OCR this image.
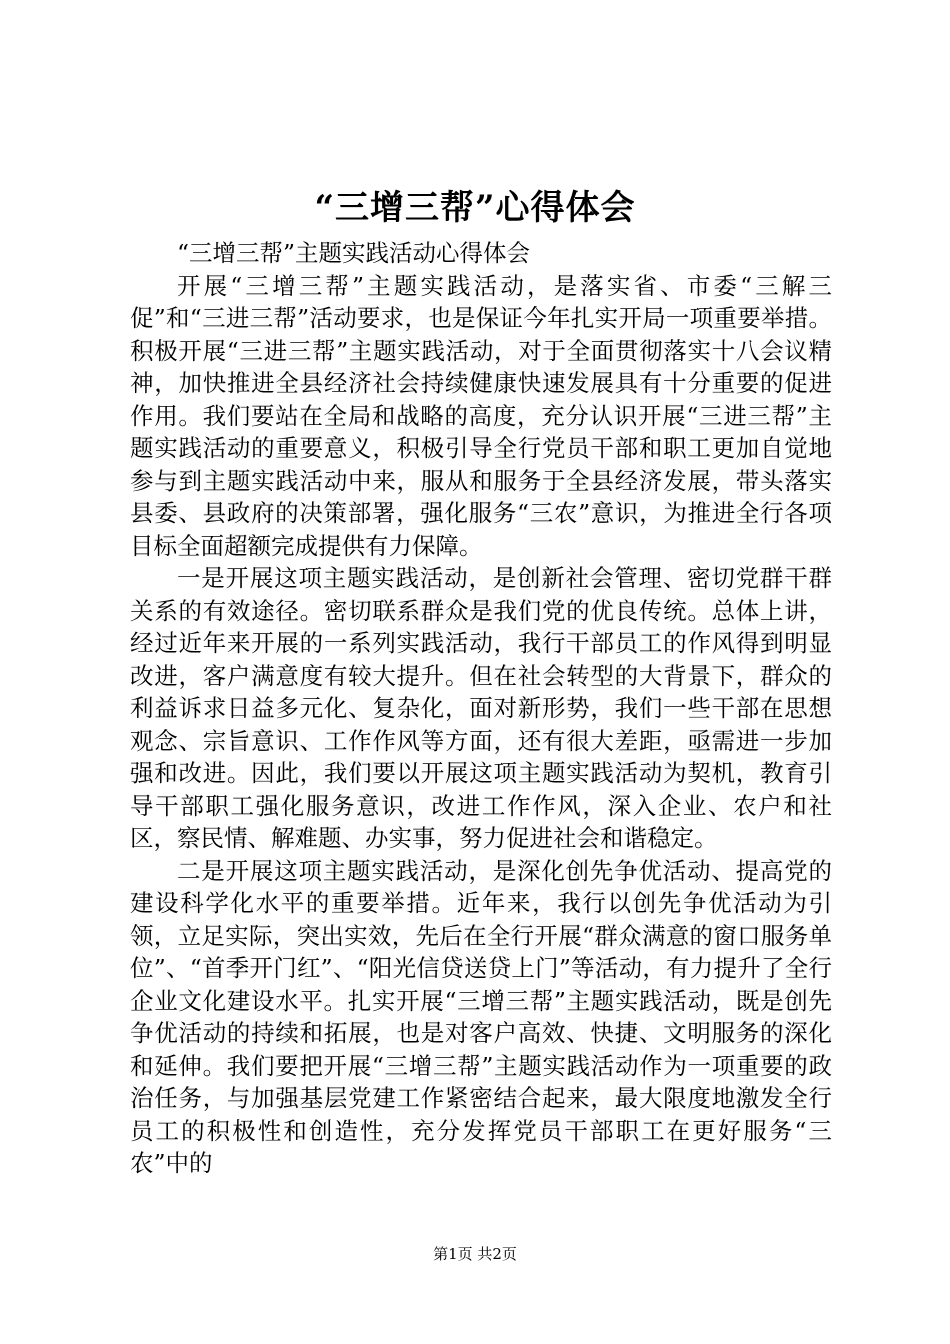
“三增三帮”心得体会

“三增三帮”主题实践活动心得体会

开展“三增三帮”主题实践活动，是落实省、市委“三解三促”和“三进三帮”活动要求，也是保证今年扎实开局一项重要举措。积极开展“三进三帮”主题实践活动，对于全面贯彻落实十八会议精神，加快推进全县经济社会持续健康快速发展具有十分重要的促进作用。我们要站在全局和战略的高度，充分认识开展“三进三帮”主题实践活动的重要意义，积极引导全行党员干部和职工更加自觉地参与到主题实践活动中来，服从和服务于全县经济发展，带头落实县委、县政府的决策部署，强化服务“三农”意识，为推进全行各项目标全面超额完成提供有力保障。

一是开展这项主题实践活动，是创新社会管理、密切党群干群关系的有效途径。密切联系群众是我们党的优良传统。总体上讲，经过近年来开展的一系列实践活动，我行干部员工的作风得到明显改进，客户满意度有较大提升。但在社会转型的大背景下，群众的利益诉求日益多元化、复杂化，面对新形势，我们一些干部在思想观念、宗旨意识、工作作风等方面，还有很大差距，亟需进一步加强和改进。因此，我们要以开展这项主题实践活动为契机，教育引导干部职工强化服务意识，改进工作作风，深入企业、农户和社区，察民情、解难题、办实事，努力促进社会和谐稳定。

二是开展这项主题实践活动，是深化创先争优活动、提高党的建设科学化水平的重要举措。近年来，我行以创先争优活动为引领，立足实际，突出实效，先后在全行开展“群众满意的窗口服务单位”、“首季开门红”、“阳光信贷送贷上门”等活动，有力提升了全行企业文化建设水平。扎实开展“三增三帮”主题实践活动，既是创先争优活动的持续和拓展，也是对客户高效、快捷、文明服务的深化和延伸。我们要把开展“三增三帮”主题实践活动作为一项重要的政治任务，与加强基层党建工作紧密结合起来，最大限度地激发全行员工的积极性和创造性，充分发挥党员干部职工在更好服务“三农”中的

第1页 共2页
